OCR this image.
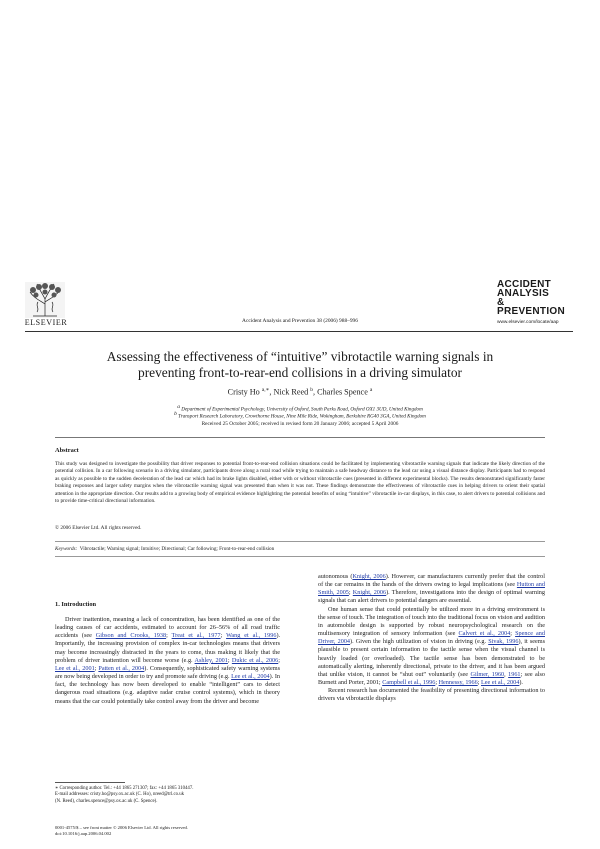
ELSEVIER	Accident Analysis and Prevention 38 (2006) 988–996
ACCIDENT
ANALYSIS
&
PREVENTION
www.elsevier.com/locate/aap
Assessing the effectiveness of “intuitive” vibrotactile warning signals in
preventing front-to-rear-end collisions in a driving simulator
Cristy Ho $^{a,∗}$, Nick Reed $^b$, Charles Spence $^a$
$^a$ Department of Experimental Psychology, University of Oxford, South Parks Road, Oxford OX1 3UD, United Kingdom
$^b$ Transport Research Laboratory, Crowthorne House, Nine Mile Ride, Wokingham, Berkshire RG40 3GA, United Kingdom
Received 25 October 2005; received in revised form 20 January 2006; accepted 5 April 2006
Abstract
This study was designed to investigate the possibility that driver responses to potential front-to-rear-end collision situations could be facilitated by implementing vibrotactile warning signals that indicate the likely direction of the potential collision. In a car following scenario in a driving simulator, participants drove along a rural road while trying to maintain a safe headway distance to the lead car using a visual distance display. Participants had to respond as quickly as possible to the sudden deceleration of the lead car which had its brake lights disabled, either with or without vibrotactile cues (presented in different experimental blocks). The results demonstrated significantly faster braking responses and larger safety margins when the vibrotactile warning signal was presented than when it was not. These findings demonstrate the effectiveness of vibrotactile cues in helping drivers to orient their spatial attention in the appropriate direction. Our results add to a growing body of empirical evidence highlighting the potential benefits of using “intuitive” vibrotactile in-car displays, in this case, to alert drivers to potential collisions and to provide time-critical directional information.
© 2006 Elsevier Ltd. All rights reserved.
Keywords: Vibrotactile; Warning signal; Intuitive; Directional; Car following; Front-to-rear-end collision
1. Introduction

Driver inattention, meaning a lack of concentration, has been identified as one of the leading causes of car accidents, estimated to account for 26–56% of all road traffic accidents (see Gibson and Crooks, 1938; Treat et al., 1977; Wang et al., 1996). Importantly, the increasing provision of complex in-car technologies means that drivers may become increasingly distracted in the years to come, thus making it likely that the problem of driver inattention will become worse (e.g. Ashley, 2001; Dukic et al., 2006; Lee et al., 2001; Patten et al., 2004). Consequently, sophisticated safety warning systems are now being developed in order to try and promote safe driving (e.g. Lee et al., 2004). In fact, the technology has now been developed to enable “intelligent” cars to detect dangerous road situations (e.g. adaptive radar cruise control systems), which in theory means that the car could potentially take control away from the driver and become

autonomous (Knight, 2006). However, car manufacturers currently prefer that the control of the car remains in the hands of the drivers owing to legal implications (see Hutton and Smith, 2005; Knight, 2006). Therefore, investigations into the design of optimal warning signals that can alert drivers to potential dangers are essential.

One human sense that could potentially be utilized more in a driving environment is the sense of touch. The integration of touch into the traditional focus on vision and audition in automobile design is supported by robust neuropsychological research on the multisensory integration of sensory information (see Calvert et al., 2004; Spence and Driver, 2004). Given the high utilization of vision in driving (e.g. Sivak, 1996), it seems plausible to present certain information to the tactile sense when the visual channel is heavily loaded (or overloaded). The tactile sense has been demonstrated to be automatically alerting, inherently directional, private to the driver, and it has been argued that unlike vision, it cannot be “shut out” voluntarily (see Gilmer, 1960, 1961; see also Burnett and Porter, 2001; Campbell et al., 1996; Hennessy, 1966; Lee et al., 2004).

Recent research has documented the feasibility of presenting directional information to drivers via vibrotactile displays

∗ Corresponding author. Tel.: +44 1865 271307; fax: +44 1865 310447.

E-mail addresses: cristy.ho@psy.ox.ac.uk (C. Ho), nreed@trl.co.uk

(N. Reed), charles.spence@psy.ox.ac.uk (C. Spence).

0001-4575/$ – see front matter © 2006 Elsevier Ltd. All rights reserved.
doi:10.1016/j.aap.2006.04.002
